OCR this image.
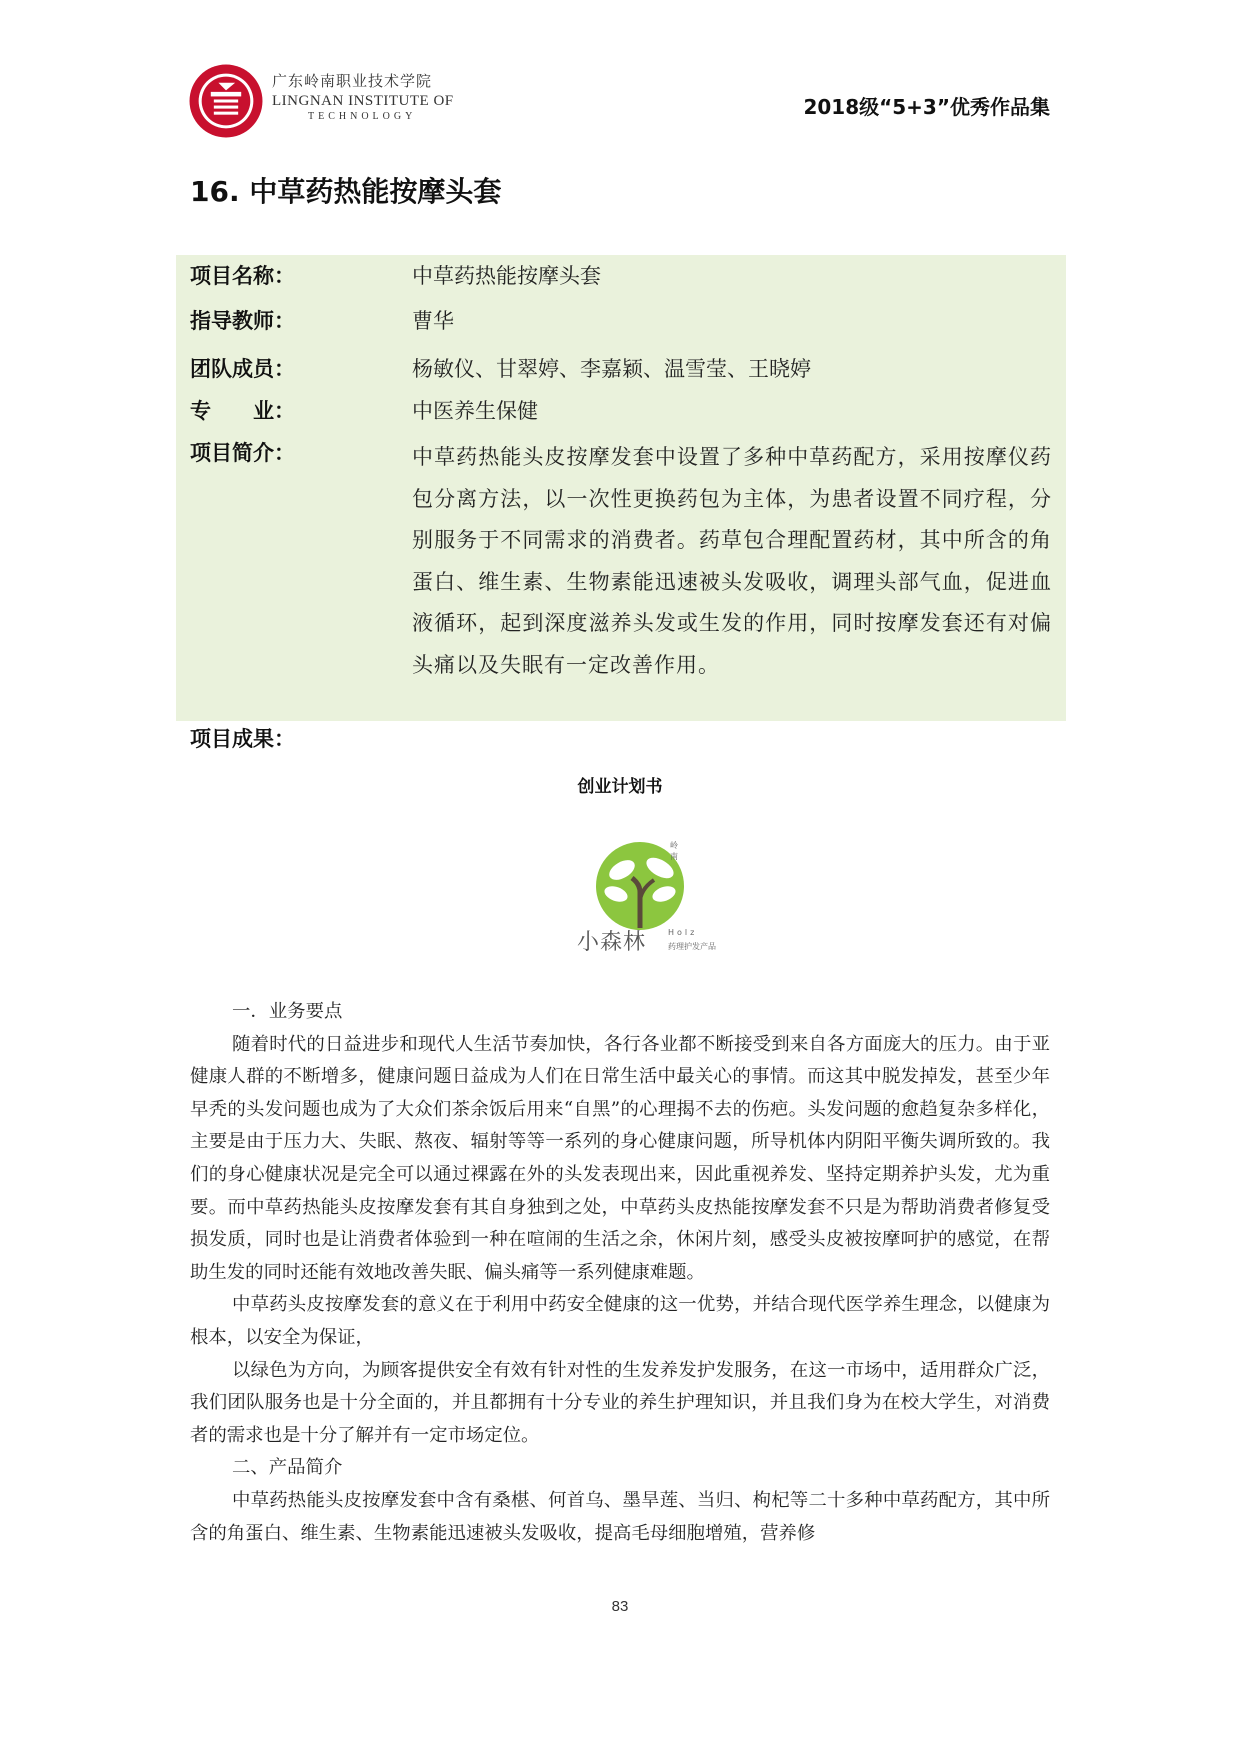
广东岭南职业技术学院
LINGNAN INSTITUTE OF
TECHNOLOGY	2018级“5+3”优秀作品集
16. 中草药热能按摩头套
项目名称：	中草药热能按摩头套
指导教师：	曹华
团队成员：	杨敏仪、甘翠婷、李嘉颖、温雪莹、王晓婷
专　　业：	中医养生保健
项目简介：	中草药热能头皮按摩发套中设置了多种中草药配方，采用按摩仪药包分离方法，以一次性更换药包为主体，为患者设置不同疗程，分别服务于不同需求的消费者。药草包合理配置药材，其中所含的角蛋白、维生素、生物素能迅速被头发吸收，调理头部气血，促进血液循环，起到深度滋养头发或生发的作用，同时按摩发套还有对偏头痛以及失眠有一定改善作用。
项目成果：
创业计划书
岭南
小森林	Holz
药理护发产品

一．业务要点

随着时代的日益进步和现代人生活节奏加快，各行各业都不断接受到来自各方面庞大的压力。由于亚健康人群的不断增多，健康问题日益成为人们在日常生活中最关心的事情。而这其中脱发掉发，甚至少年早秃的头发问题也成为了大众们茶余饭后用来“自黑”的心理揭不去的伤疤。头发问题的愈趋复杂多样化，主要是由于压力大、失眠、熬夜、辐射等等一系列的身心健康问题，所导机体内阴阳平衡失调所致的。我们的身心健康状况是完全可以通过裸露在外的头发表现出来，因此重视养发、坚持定期养护头发，尤为重要。而中草药热能头皮按摩发套有其自身独到之处，中草药头皮热能按摩发套不只是为帮助消费者修复受损发质，同时也是让消费者体验到一种在喧闹的生活之余，休闲片刻，感受头皮被按摩呵护的感觉，在帮助生发的同时还能有效地改善失眠、偏头痛等一系列健康难题。

中草药头皮按摩发套的意义在于利用中药安全健康的这一优势，并结合现代医学养生理念，以健康为根本，以安全为保证，

以绿色为方向，为顾客提供安全有效有针对性的生发养发护发服务，在这一市场中，适用群众广泛，我们团队服务也是十分全面的，并且都拥有十分专业的养生护理知识，并且我们身为在校大学生，对消费者的需求也是十分了解并有一定市场定位。

二、产品简介

中草药热能头皮按摩发套中含有桑椹、何首乌、墨旱莲、当归、枸杞等二十多种中草药配方，其中所含的角蛋白、维生素、生物素能迅速被头发吸收，提高毛母细胞增殖，营养修

83
